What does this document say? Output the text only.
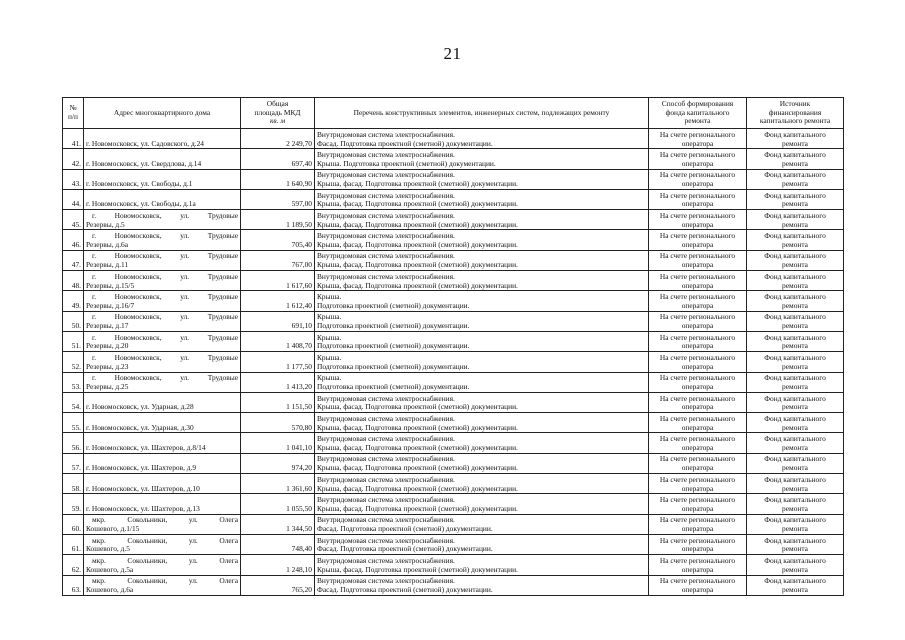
21
№
п/п	Адрес многоквартирного дома	Общая
площадь МКД
кв. м	Перечень конструктивных элементов, инженерных систем, подлежащих ремонту	Способ формирования
фонда капитального
ремонта	Источник
финансирования
капитального ремонта

41.	г. Новомосковск, ул. Садовского, д.24	2 249,70	Внутридомовая система электроснабжения.
Фасад. Подготовка проектной (сметной) документации.	На счете регионального
оператора	Фонд капитального
ремонта

42.	г. Новомосковск, ул. Свердлова, д.14	697,40	Внутридомовая система электроснабжения.
Крыша. Подготовка проектной (сметной) документации.	На счете регионального
оператора	Фонд капитального
ремонта

43.	г. Новомосковск, ул. Свободы, д.1	1 640,90	Внутридомовая система электроснабжения.
Крыша, фасад. Подготовка проектной (сметной) документации.	На счете регионального
оператора	Фонд капитального
ремонта

44.	г. Новомосковск, ул. Свободы, д.1а	597,00	Внутридомовая система электроснабжения.
Крыша, фасад. Подготовка проектной (сметной) документации.	На счете регионального
оператора	Фонд капитального
ремонта

45.	г. Новомосковск, ул. Трудовые
Резервы, д.5	1 189,50	Внутридомовая система электроснабжения.
Крыша, фасад. Подготовка проектной (сметной) документации.	На счете регионального
оператора	Фонд капитального
ремонта

46.	г. Новомосковск, ул. Трудовые
Резервы, д.6а	705,40	Внутридомовая система электроснабжения.
Крыша, фасад. Подготовка проектной (сметной) документации.	На счете регионального
оператора	Фонд капитального
ремонта

47.	г. Новомосковск, ул. Трудовые
Резервы, д.11	767,00	Внутридомовая система электроснабжения.
Крыша, фасад. Подготовка проектной (сметной) документации.	На счете регионального
оператора	Фонд капитального
ремонта

48.	г. Новомосковск, ул. Трудовые
Резервы, д.15/5	1 617,60	Внутридомовая система электроснабжения.
Крыша, фасад. Подготовка проектной (сметной) документации.	На счете регионального
оператора	Фонд капитального
ремонта

49.	г. Новомосковск, ул. Трудовые
Резервы, д.16/7	1 612,40	Крыша.
Подготовка проектной (сметной) документации.	На счете регионального
оператора	Фонд капитального
ремонта

50.	г. Новомосковск, ул. Трудовые
Резервы, д.17	691,10	Крыша.
Подготовка проектной (сметной) документации.	На счете регионального
оператора	Фонд капитального
ремонта

51.	г. Новомосковск, ул. Трудовые
Резервы, д.20	1 408,70	Крыша.
Подготовка проектной (сметной) документации.	На счете регионального
оператора	Фонд капитального
ремонта

52.	г. Новомосковск, ул. Трудовые
Резервы, д.23	1 177,50	Крыша.
Подготовка проектной (сметной) документации.	На счете регионального
оператора	Фонд капитального
ремонта

53.	г. Новомосковск, ул. Трудовые
Резервы, д.25	1 413,20	Крыша.
Подготовка проектной (сметной) документации.	На счете регионального
оператора	Фонд капитального
ремонта

54.	г. Новомосковск, ул. Ударная, д.28	1 151,50	Внутридомовая система электроснабжения.
Крыша, фасад. Подготовка проектной (сметной) документации.	На счете регионального
оператора	Фонд капитального
ремонта

55.	г. Новомосковск, ул. Ударная, д.30	570,80	Внутридомовая система электроснабжения.
Крыша, фасад. Подготовка проектной (сметной) документации.	На счете регионального
оператора	Фонд капитального
ремонта

56.	г. Новомосковск, ул. Шахтеров, д.8/14	1 041,10	Внутридомовая система электроснабжения.
Крыша, фасад. Подготовка проектной (сметной) документации.	На счете регионального
оператора	Фонд капитального
ремонта

57.	г. Новомосковск, ул. Шахтеров, д.9	974,20	Внутридомовая система электроснабжения.
Крыша, фасад. Подготовка проектной (сметной) документации.	На счете регионального
оператора	Фонд капитального
ремонта

58.	г. Новомосковск, ул. Шахтеров, д.10	1 361,60	Внутридомовая система электроснабжения.
Крыша, фасад. Подготовка проектной (сметной) документации.	На счете регионального
оператора	Фонд капитального
ремонта

59.	г. Новомосковск, ул. Шахтеров, д.13	1 055,50	Внутридомовая система электроснабжения.
Крыша, фасад. Подготовка проектной (сметной) документации.	На счете регионального
оператора	Фонд капитального
ремонта

60.	мкр. Сокольники, ул. Олега
Кошевого, д.1/15	1 344,50	Внутридомовая система электроснабжения.
Фасад. Подготовка проектной (сметной) документации.	На счете регионального
оператора	Фонд капитального
ремонта

61.	мкр. Сокольники, ул. Олега
Кошевого, д.5	748,40	Внутридомовая система электроснабжения.
Фасад. Подготовка проектной (сметной) документации.	На счете регионального
оператора	Фонд капитального
ремонта

62.	мкр. Сокольники, ул. Олега
Кошевого, д.5а	1 248,10	Внутридомовая система электроснабжения.
Крыша, фасад. Подготовка проектной (сметной) документации.	На счете регионального
оператора	Фонд капитального
ремонта

63.	мкр. Сокольники, ул. Олега
Кошевого, д.6а	765,20	Внутридомовая система электроснабжения.
Фасад. Подготовка проектной (сметной) документации.	На счете регионального
оператора	Фонд капитального
ремонта
